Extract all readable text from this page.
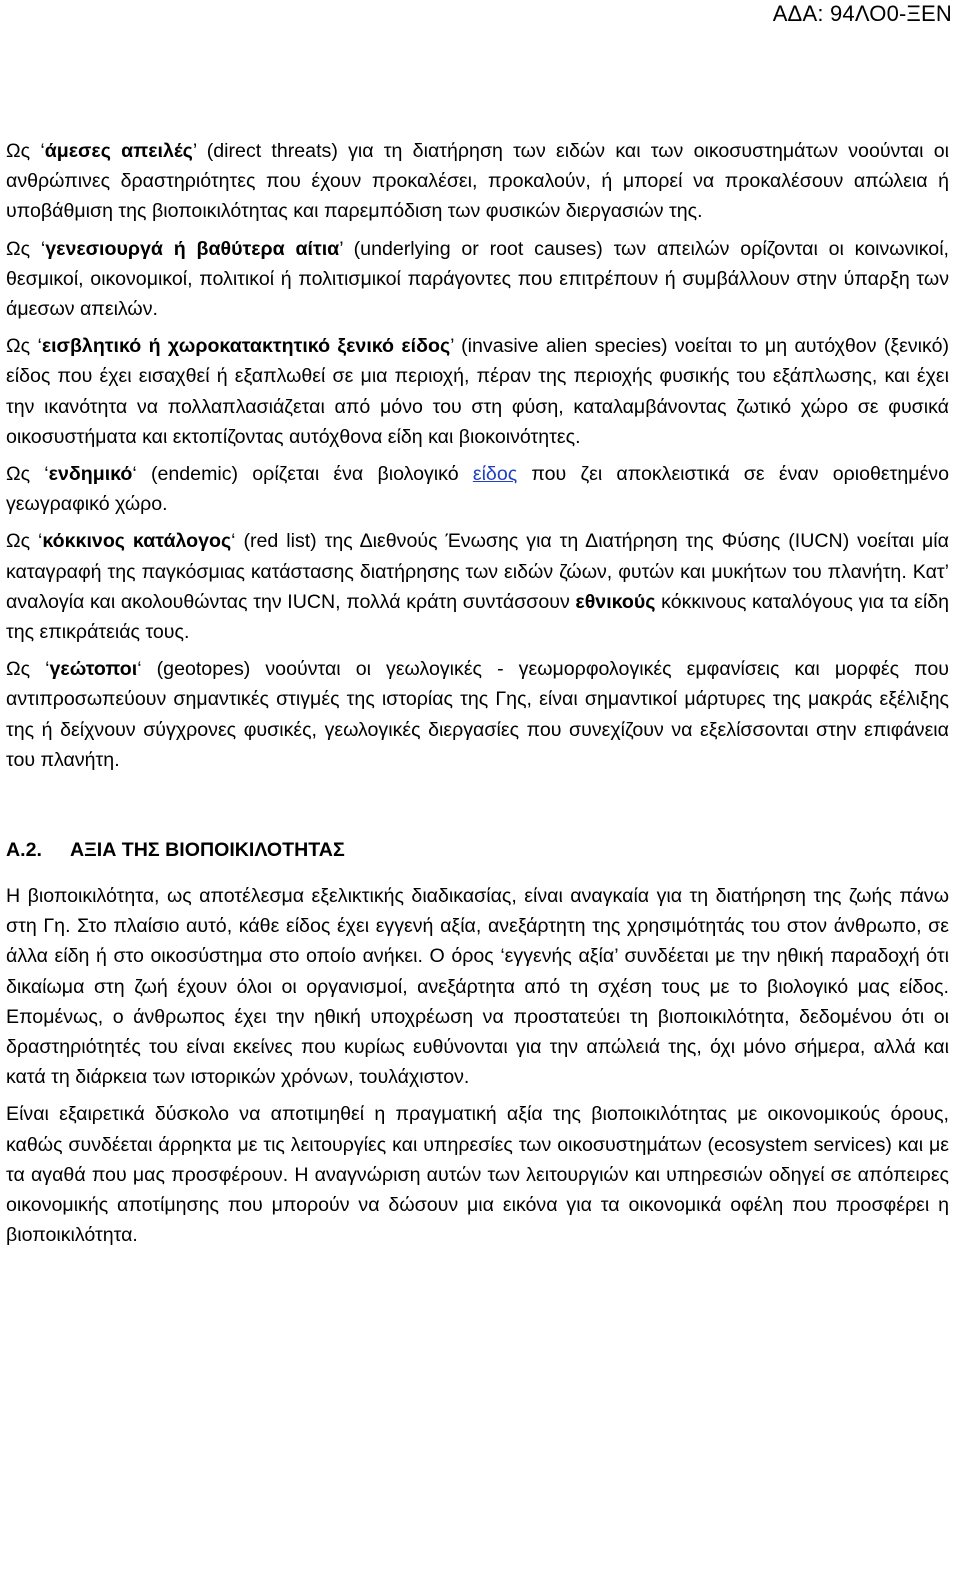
ΑΔΑ: 94ΛΟ0-ΞΕΝ

Ως ‘άμεσες απειλές’ (direct threats) για τη διατήρηση των ειδών και των οικοσυστημάτων νοούνται οι ανθρώπινες δραστηριότητες που έχουν προκαλέσει, προκαλούν, ή μπορεί να προκαλέσουν απώλεια ή υποβάθμιση της βιοποικιλότητας και παρεμπόδιση των φυσικών διεργασιών της.

Ως ‘γενεσιουργά ή βαθύτερα αίτια’ (underlying or root causes) των απειλών ορίζονται οι κοινωνικοί, θεσμικοί, οικονομικοί, πολιτικοί ή πολιτισμικοί παράγοντες που επιτρέπουν ή συμβάλλουν στην ύπαρξη των άμεσων απειλών.

Ως ‘εισβλητικό ή χωροκατακτητικό ξενικό είδος’ (invasive alien species) νοείται το μη αυτόχθον (ξενικό) είδος που έχει εισαχθεί ή εξαπλωθεί σε μια περιοχή, πέραν της περιοχής φυσικής του εξάπλωσης, και έχει την ικανότητα να πολλαπλασιάζεται από μόνο του στη φύση, καταλαμβάνοντας ζωτικό χώρο σε φυσικά οικοσυστήματα και εκτοπίζοντας αυτόχθονα είδη και βιοκοινότητες.

Ως ‘ενδημικό‘ (endemic) ορίζεται ένα βιολογικό είδος που ζει αποκλειστικά σε έναν οριοθετημένο γεωγραφικό χώρο.

Ως ‘κόκκινος κατάλογος‘ (red list) της Διεθνούς Ένωσης για τη Διατήρηση της Φύσης (IUCN) νοείται μία καταγραφή της παγκόσμιας κατάστασης διατήρησης των ειδών ζώων, φυτών και μυκήτων του πλανήτη. Κατ’ αναλογία και ακολουθώντας την IUCN, πολλά κράτη συντάσσουν εθνικούς κόκκινους καταλόγους για τα είδη της επικράτειάς τους.

Ως ‘γεώτοποι‘ (geotopes) νοούνται οι γεωλογικές - γεωμορφολογικές εμφανίσεις και μορφές που αντιπροσωπεύουν σημαντικές στιγμές της ιστορίας της Γης, είναι σημαντικοί μάρτυρες της μακράς εξέλιξης της ή δείχνουν σύγχρονες φυσικές, γεωλογικές διεργασίες που συνεχίζουν να εξελίσσονται στην επιφάνεια του πλανήτη.

Α.2.	ΑΞΙΑ ΤΗΣ ΒΙΟΠΟΙΚΙΛΟΤΗΤΑΣ

Η βιοποικιλότητα, ως αποτέλεσμα εξελικτικής διαδικασίας, είναι αναγκαία για τη διατήρηση της ζωής πάνω στη Γη. Στο πλαίσιο αυτό, κάθε είδος έχει εγγενή αξία, ανεξάρτητη της χρησιμότητάς του στον άνθρωπο, σε άλλα είδη ή στο οικοσύστημα στο οποίο ανήκει. Ο όρος ‘εγγενής αξία’ συνδέεται με την ηθική παραδοχή ότι δικαίωμα στη ζωή έχουν όλοι οι οργανισμοί, ανεξάρτητα από τη σχέση τους με το βιολογικό μας είδος. Επομένως, ο άνθρωπος έχει την ηθική υποχρέωση να προστατεύει τη βιοποικιλότητα, δεδομένου ότι οι δραστηριότητές του είναι εκείνες που κυρίως ευθύνονται για την απώλειά της, όχι μόνο σήμερα, αλλά και κατά τη διάρκεια των ιστορικών χρόνων, τουλάχιστον.

Είναι εξαιρετικά δύσκολο να αποτιμηθεί η πραγματική αξία της βιοποικιλότητας με οικονομικούς όρους, καθώς συνδέεται άρρηκτα με τις λειτουργίες και υπηρεσίες των οικοσυστημάτων (ecosystem services) και με τα αγαθά που μας προσφέρουν. Η αναγνώριση αυτών των λειτουργιών και υπηρεσιών οδηγεί σε απόπειρες οικονομικής αποτίμησης που μπορούν να δώσουν μια εικόνα για τα οικονομικά οφέλη που προσφέρει η βιοποικιλότητα.
